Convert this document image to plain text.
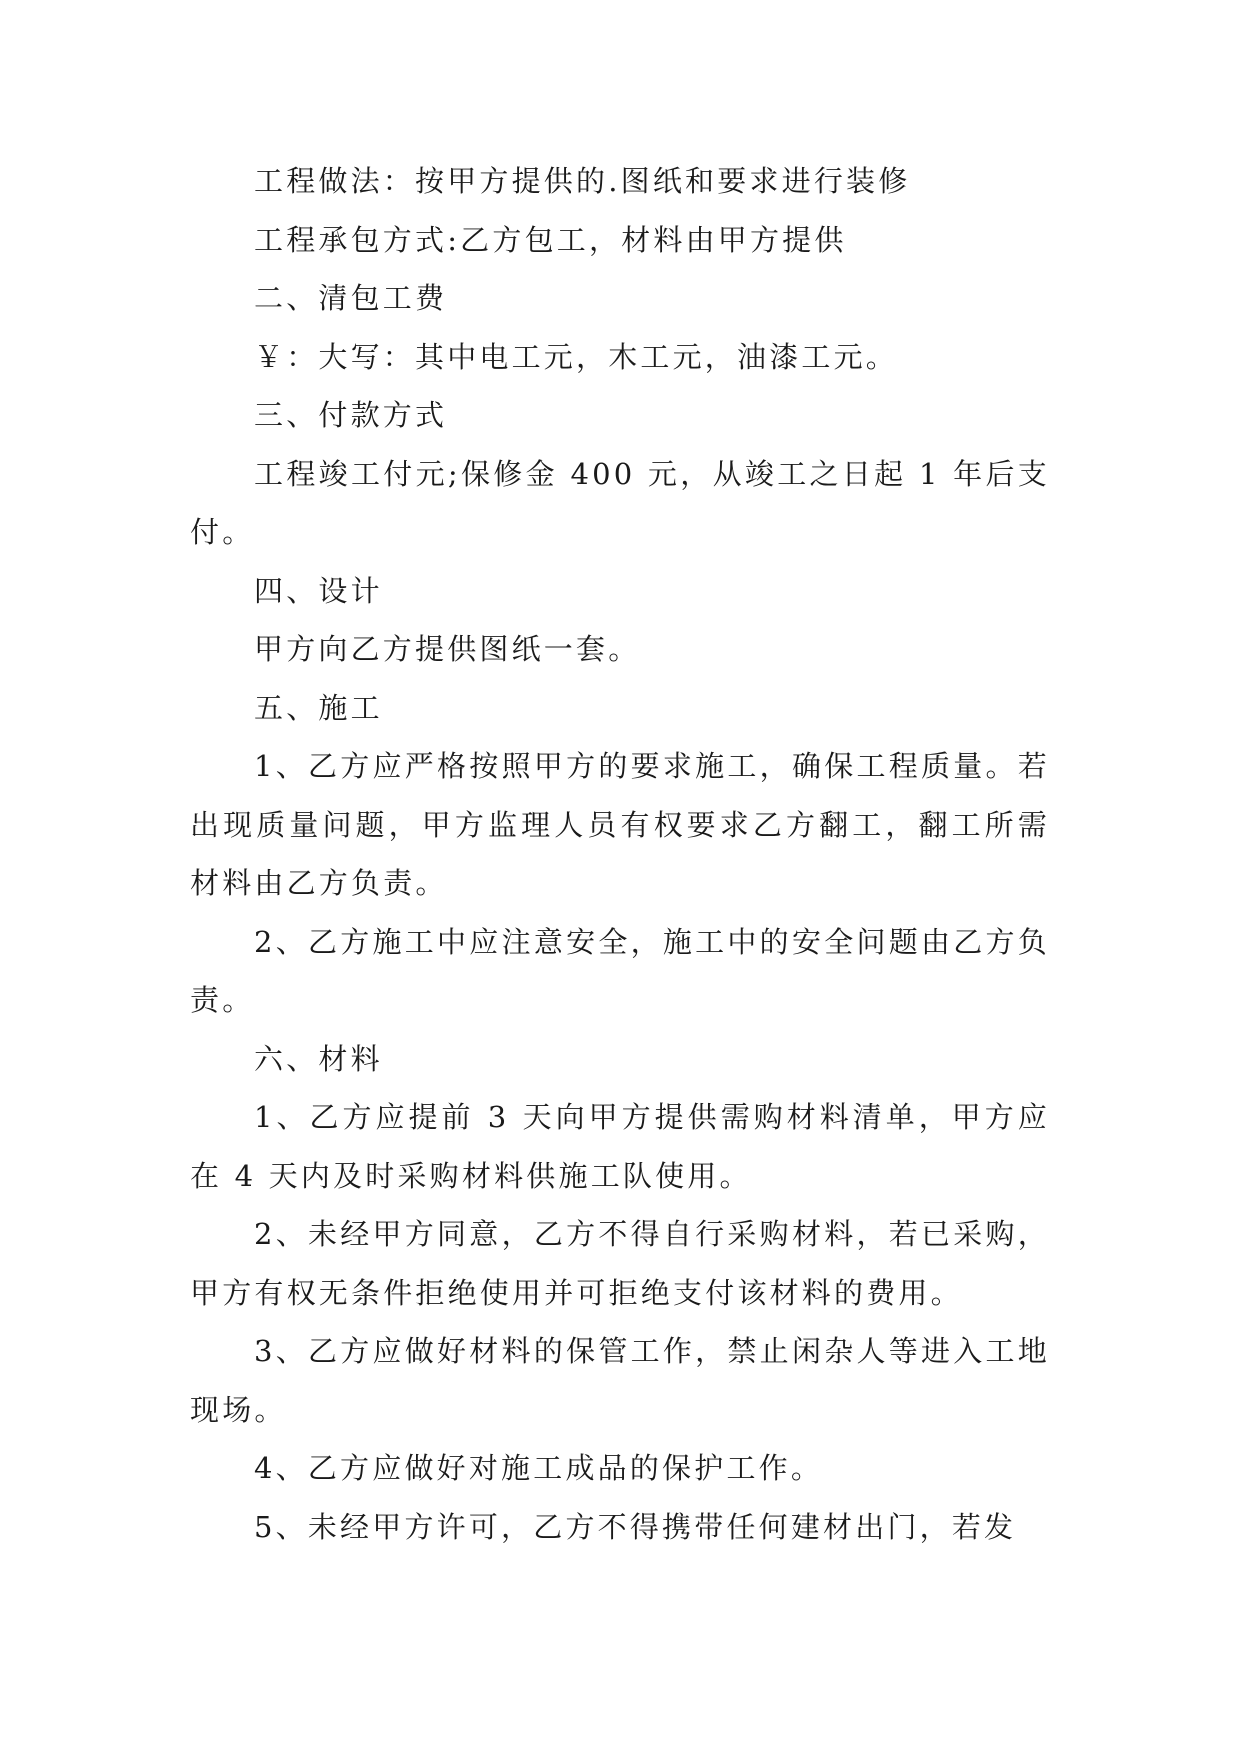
工程做法：按甲方提供的.图纸和要求进行装修

工程承包方式:乙方包工，材料由甲方提供

二、清包工费

￥：大写：其中电工元，木工元，油漆工元。

三、付款方式

工程竣工付元;保修金 400 元，从竣工之日起 1 年后支付。

四、设计

甲方向乙方提供图纸一套。

五、施工

1、乙方应严格按照甲方的要求施工，确保工程质量。若出现质量问题，甲方监理人员有权要求乙方翻工，翻工所需材料由乙方负责。

2、乙方施工中应注意安全，施工中的安全问题由乙方负责。

六、材料

1、乙方应提前 3 天向甲方提供需购材料清单，甲方应在 4 天内及时采购材料供施工队使用。

2、未经甲方同意，乙方不得自行采购材料，若已采购，甲方有权无条件拒绝使用并可拒绝支付该材料的费用。

3、乙方应做好材料的保管工作，禁止闲杂人等进入工地现场。

4、乙方应做好对施工成品的保护工作。

5、未经甲方许可，乙方不得携带任何建材出门，若发
